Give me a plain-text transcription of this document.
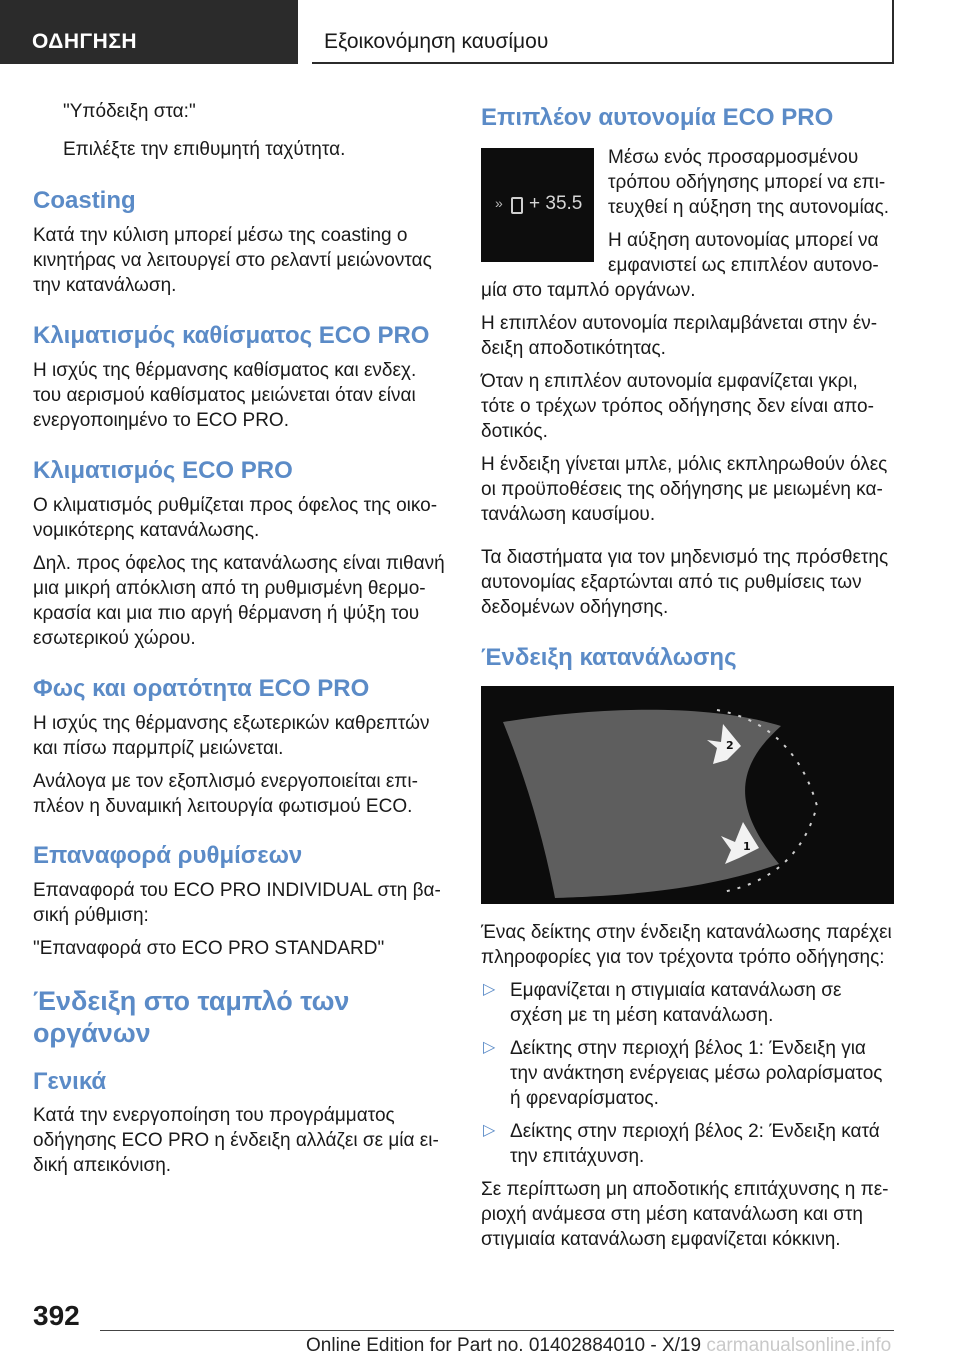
ΟΔΗΓΗΣΗ	Εξοικονόμηση καυσίμου
"Υπόδειξη στα:"
Επιλέξτε την επιθυμητή ταχύτητα.
Coasting
Κατά την κύλιση μπορεί μέσω της coasting ο
κινητήρας να λειτουργεί στο ρελαντί μειώνοντας
την κατανάλωση.
Κλιματισμός καθίσματος ECO PRO
Η ισχύς της θέρμανσης καθίσματος και ενδεχ.
του αερισμού καθίσματος μειώνεται όταν είναι
ενεργοποιημένο το ECO PRO.
Κλιματισμός ECO PRO
Ο κλιματισμός ρυθμίζεται προς όφελος της οικο-
νομικότερης κατανάλωσης.
Δηλ. προς όφελος της κατανάλωσης είναι πιθανή
μια μικρή απόκλιση από τη ρυθμισμένη θερμο-
κρασία και μια πιο αργή θέρμανση ή ψύξη του
εσωτερικού χώρου.
Φως και ορατότητα ECO PRO
Η ισχύς της θέρμανσης εξωτερικών καθρεπτών
και πίσω παρμπρίζ μειώνεται.
Ανάλογα με τον εξοπλισμό ενεργοποιείται επι-
πλέον η δυναμική λειτουργία φωτισμού ECO.
Επαναφορά ρυθμίσεων
Επαναφορά του ECO PRO INDIVIDUAL στη βα-
σική ρύθμιση:
"Επαναφορά στο ECO PRO STANDARD"
Ένδειξη στο ταμπλό των
οργάνων
Γενικά
Κατά την ενεργοποίηση του προγράμματος
οδήγησης ECO PRO η ένδειξη αλλάζει σε μία ει-
δική απεικόνιση.
Επιπλέον αυτονομία ECO PRO
» + 35.5
Μέσω ενός προσαρμοσμένου
τρόπου οδήγησης μπορεί να επι-
τευχθεί η αύξηση της αυτονομίας.
Η αύξηση αυτονομίας μπορεί να
εμφανιστεί ως επιπλέον αυτονο-
μία στο ταμπλό οργάνων.
Η επιπλέον αυτονομία περιλαμβάνεται στην έν-
δειξη αποδοτικότητας.
Όταν η επιπλέον αυτονομία εμφανίζεται γκρι,
τότε ο τρέχων τρόπος οδήγησης δεν είναι απο-
δοτικός.
Η ένδειξη γίνεται μπλε, μόλις εκπληρωθούν όλες
οι προϋποθέσεις της οδήγησης με μειωμένη κα-
τανάλωση καυσίμου.
Τα διαστήματα για τον μηδενισμό της πρόσθετης
αυτονομίας εξαρτώνται από τις ρυθμίσεις των
δεδομένων οδήγησης.
Ένδειξη κατανάλωσης
2
1
Ένας δείκτης στην ένδειξη κατανάλωσης παρέχει
πληροφορίες για τον τρέχοντα τρόπο οδήγησης:
▷ Εμφανίζεται η στιγμιαία κατανάλωση σε
σχέση με τη μέση κατανάλωση.
▷ Δείκτης στην περιοχή βέλος 1: Ένδειξη για
την ανάκτηση ενέργειας μέσω ρολαρίσματος
ή φρεναρίσματος.
▷ Δείκτης στην περιοχή βέλος 2: Ένδειξη κατά
την επιτάχυνση.
Σε περίπτωση μη αποδοτικής επιτάχυνσης η πε-
ριοχή ανάμεσα στη μέση κατανάλωση και στη
στιγμιαία κατανάλωση εμφανίζεται κόκκινη.
392
Online Edition for Part no. 01402884010 - X/19 carmanualsonline.info
